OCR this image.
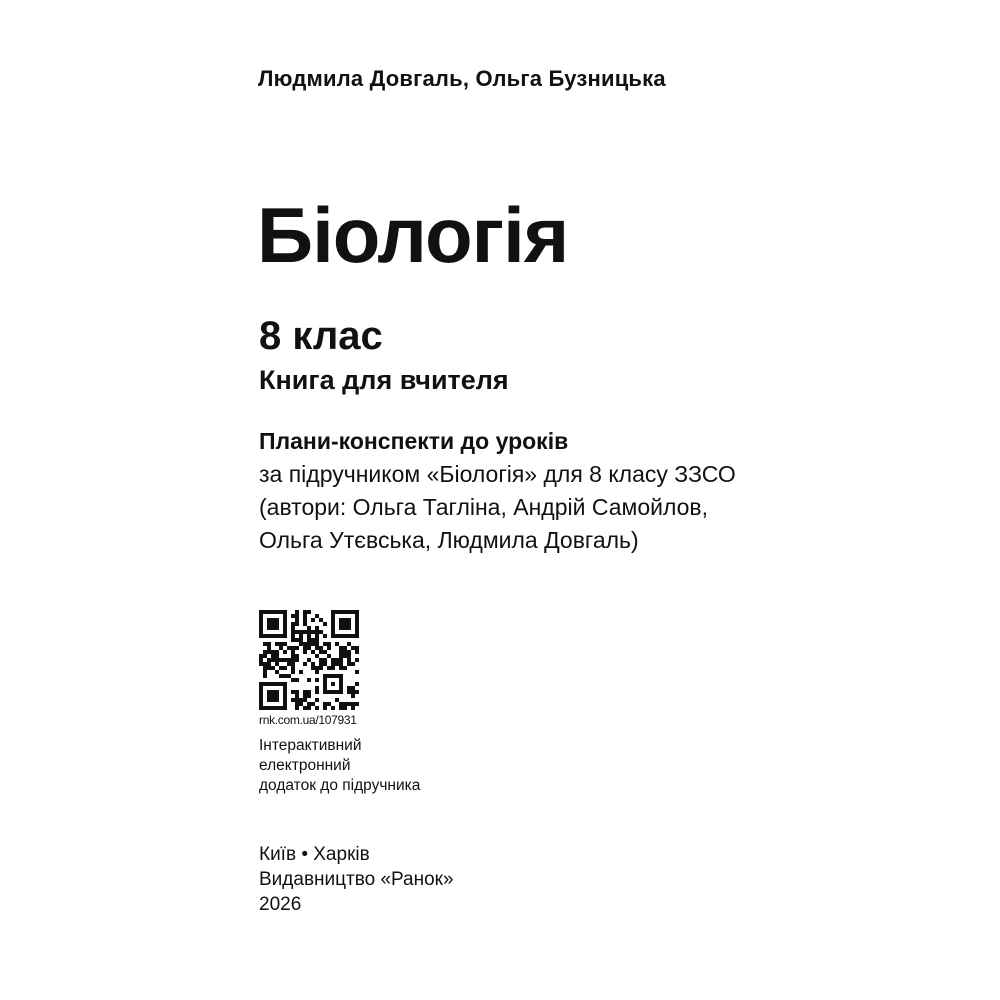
Людмила Довгаль, Ольга Бузницька
Біологія
8 клас
Книга для вчителя
Плани-конспекти до уроків
за підручником «Біологія» для 8 класу ЗЗСО
(автори: Ольга Тагліна, Андрій Самойлов,
Ольга Утєвська, Людмила Довгаль)
rnk.com.ua/107931
Інтерактивний
електронний
додаток до підручника
Київ • Харків
Видавництво «Ранок»
2026
